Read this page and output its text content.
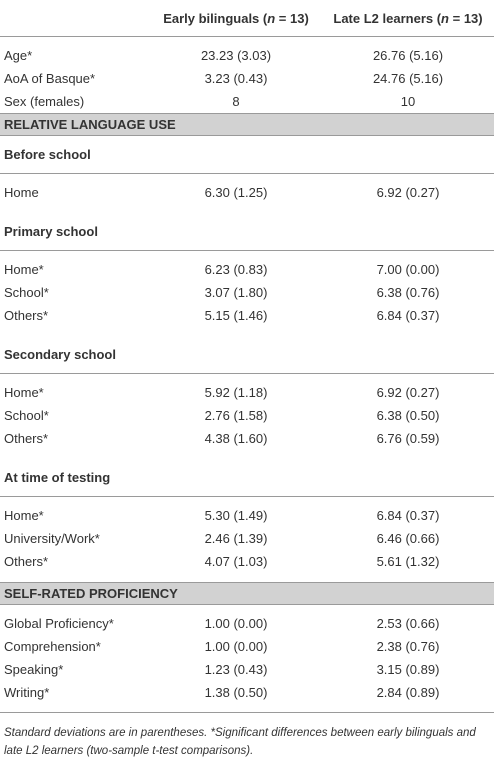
	Early bilinguals (n = 13)	Late L2 learners (n = 13)

Age*	23.23 (3.03)	26.76 (5.16)
AoA of Basque*	3.23 (0.43)	24.76 (5.16)
Sex (females)	8	10
RELATIVE LANGUAGE USE		
Before school		

Home	6.30 (1.25)	6.92 (0.27)

Primary school		

Home*	6.23 (0.83)	7.00 (0.00)
School*	3.07 (1.80)	6.38 (0.76)
Others*	5.15 (1.46)	6.84 (0.37)

Secondary school		

Home*	5.92 (1.18)	6.92 (0.27)
School*	2.76 (1.58)	6.38 (0.50)
Others*	4.38 (1.60)	6.76 (0.59)

At time of testing		

Home*	5.30 (1.49)	6.84 (0.37)
University/Work*	2.46 (1.39)	6.46 (0.66)
Others*	4.07 (1.03)	5.61 (1.32)

SELF-RATED PROFICIENCY		

Global Proficiency*	1.00 (0.00)	2.53 (0.66)
Comprehension*	1.00 (0.00)	2.38 (0.76)
Speaking*	1.23 (0.43)	3.15 (0.89)
Writing*	1.38 (0.50)	2.84 (0.89)

Standard deviations are in parentheses. *Significant differences between early bilinguals and late L2 learners (two-sample t-test comparisons).
